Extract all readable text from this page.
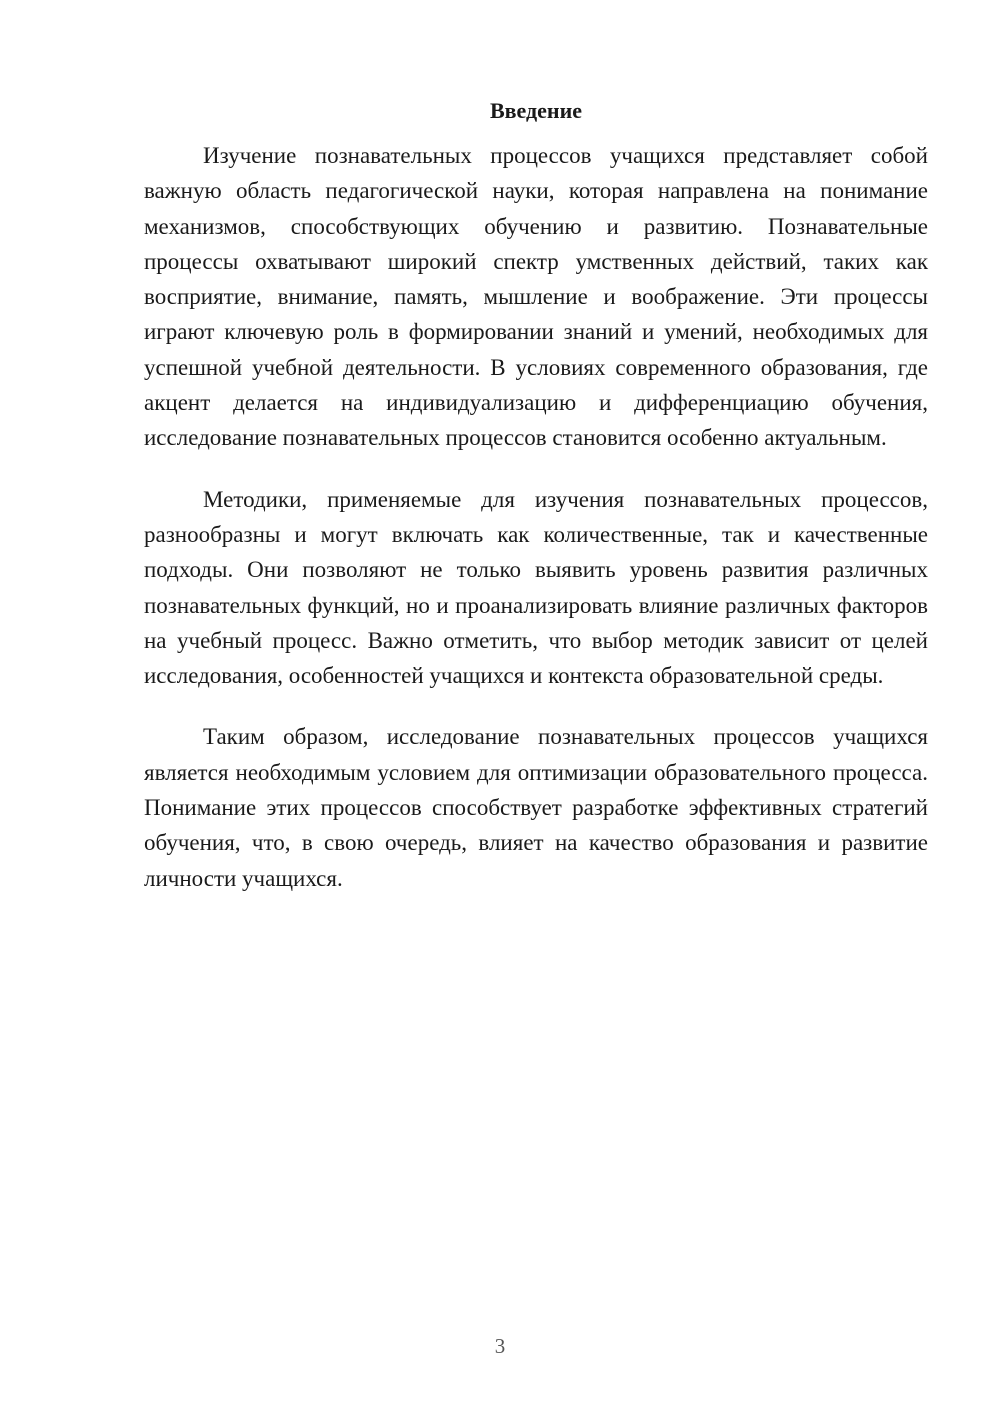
Введение

Изучение познавательных процессов учащихся представляет собой важную область педагогической науки, которая направлена на понимание механизмов, способствующих обучению и развитию. Познавательные процессы охватывают широкий спектр умственных действий, таких как восприятие, внимание, память, мышление и воображение. Эти процессы играют ключевую роль в формировании знаний и умений, необходимых для успешной учебной деятельности. В условиях современного образования, где акцент делается на индивидуализацию и дифференциацию обучения, исследование познавательных процессов становится особенно актуальным.

Методики, применяемые для изучения познавательных процессов, разнообразны и могут включать как количественные, так и качественные подходы. Они позволяют не только выявить уровень развития различных познавательных функций, но и проанализировать влияние различных факторов на учебный процесс. Важно отметить, что выбор методик зависит от целей исследования, особенностей учащихся и контекста образовательной среды.

Таким образом, исследование познавательных процессов учащихся является необходимым условием для оптимизации образовательного процесса. Понимание этих процессов способствует разработке эффективных стратегий обучения, что, в свою очередь, влияет на качество образования и развитие личности учащихся.

3
